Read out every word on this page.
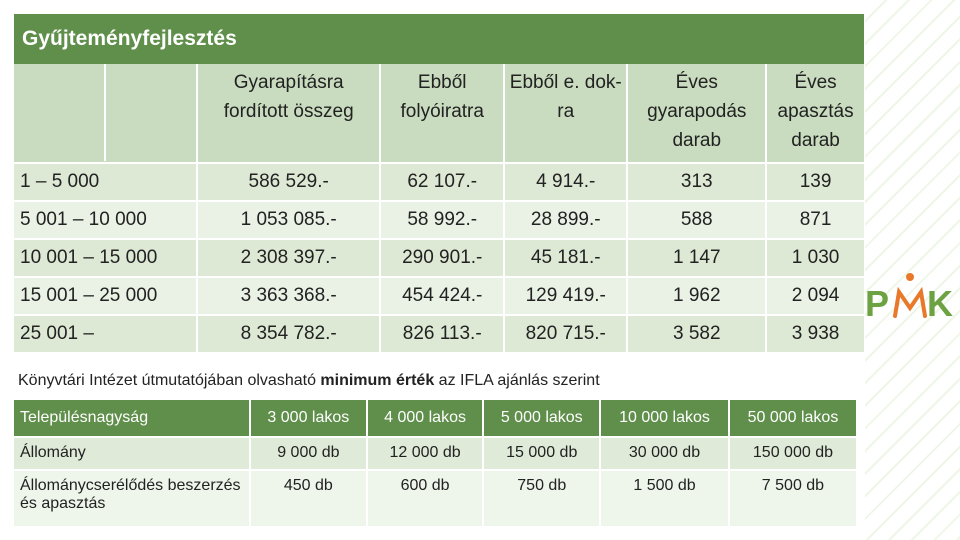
Gyűjteményfejlesztés
	Gyarapításra fordított összeg	Ebből folyóiratra	Ebből e. dok-ra	Éves gyarapodás darab	Éves apasztás darab
1 – 5 000	586 529.-	62 107.-	4 914.-	313	139
5 001 – 10 000	1 053 085.-	58 992.-	28 899.-	588	871
10 001 – 15 000	2 308 397.-	290 901.-	45 181.-	1 147	1 030
15 001 – 25 000	3 363 368.-	454 424.-	129 419.-	1 962	2 094
25 001 –	8 354 782.-	826 113.-	820 715.-	3 582	3 938
Könyvtári Intézet útmutatójában olvasható minimum érték az IFLA ajánlás szerint
Településnagyság	3 000 lakos	4 000 lakos	5 000 lakos	10 000 lakos	50 000 lakos
Állomány	9 000 db	12 000 db	15 000 db	30 000 db	150 000 db
Állománycserélődés beszerzés és apasztás	450 db	600 db	750 db	1 500 db	7 500 db
P K
